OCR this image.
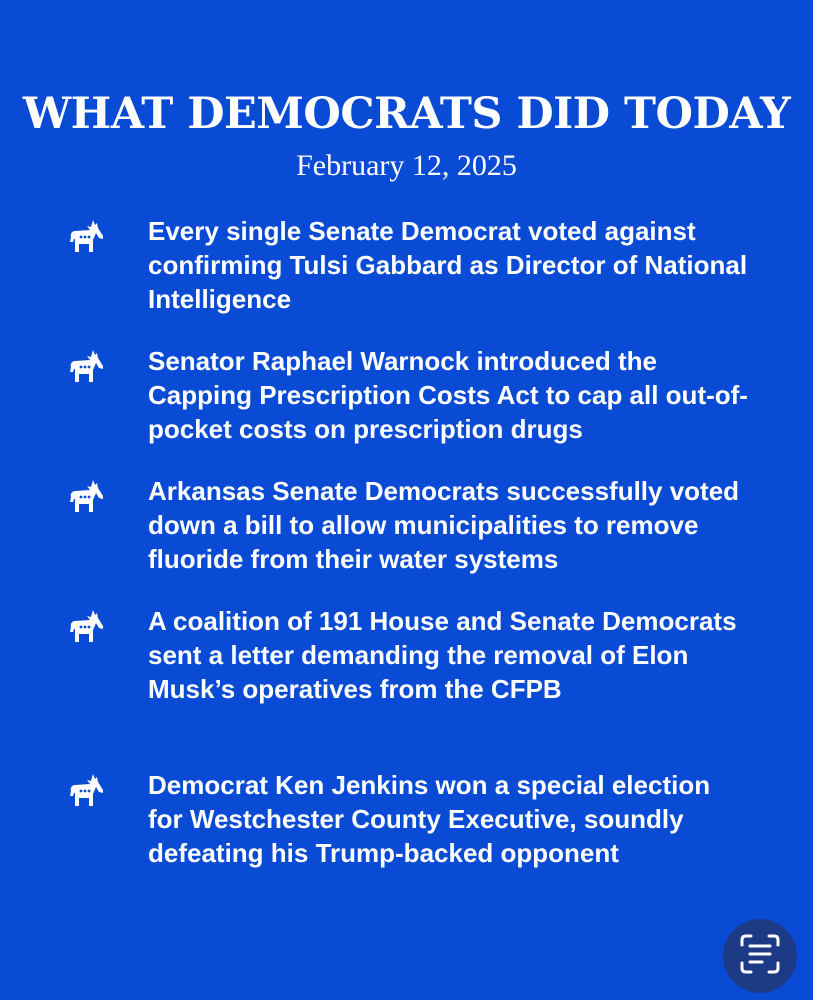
WHAT DEMOCRATS DID TODAY
February 12, 2025

Every single Senate Democrat voted against confirming Tulsi Gabbard as Director of National Intelligence

Senator Raphael Warnock introduced the Capping Prescription Costs Act to cap all out-of-pocket costs on prescription drugs

Arkansas Senate Democrats successfully voted down a bill to allow municipalities to remove fluoride from their water systems

A coalition of 191 House and Senate Democrats sent a letter demanding the removal of Elon Musk’s operatives from the CFPB

Democrat Ken Jenkins won a special election for Westchester County Executive, soundly defeating his Trump-backed opponent
